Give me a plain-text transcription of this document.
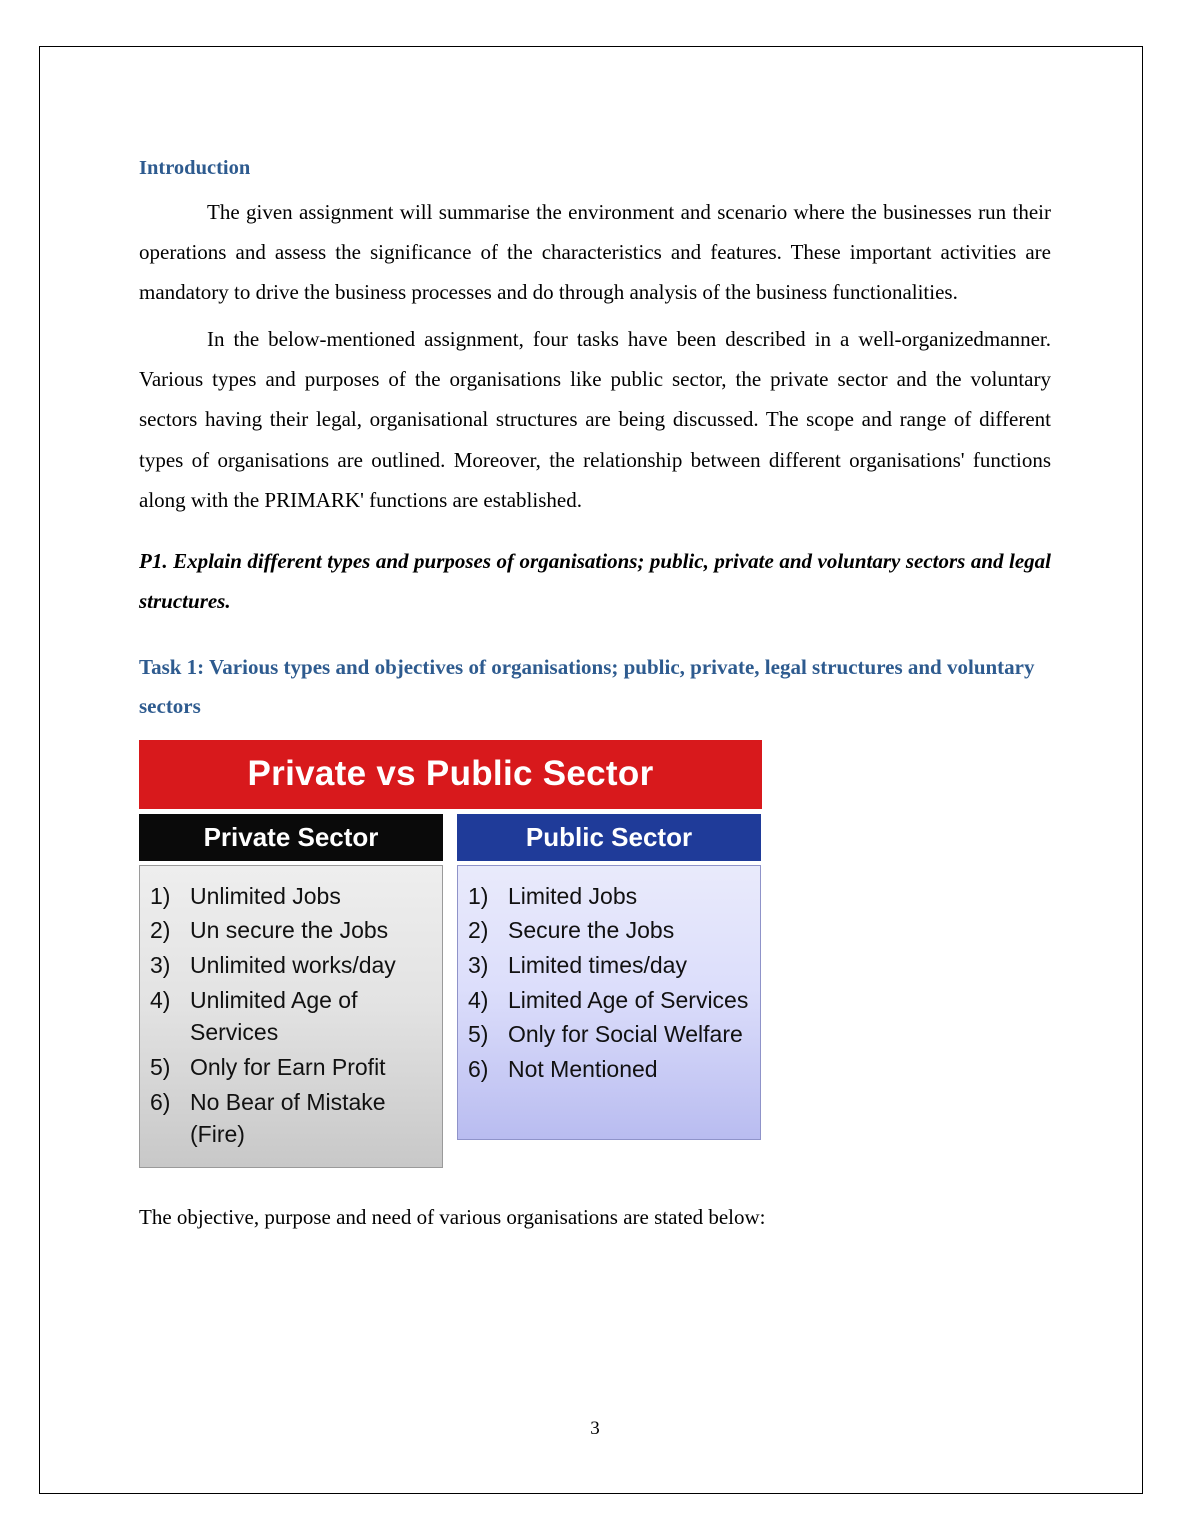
Introduction

The given assignment will summarise the environment and scenario where the businesses run their operations and assess the significance of the characteristics and features. These important activities are mandatory to drive the business processes and do through analysis of the business functionalities.

In the below-mentioned assignment, four tasks have been described in a well-organizedmanner. Various types and purposes of the organisations like public sector, the private sector and the voluntary sectors having their legal, organisational structures are being discussed. The scope and range of different types of organisations are outlined. Moreover, the relationship between different organisations' functions along with the PRIMARK' functions are established.

P1. Explain different types and purposes of organisations; public, private and voluntary sectors and legal structures.

Task 1: Various types and objectives of organisations; public, private, legal structures and voluntary sectors
Private vs Public Sector
Private Sector
1) Unlimited Jobs
2) Un secure the Jobs
3) Unlimited works/day
4) Unlimited Age of Services
5) Only for Earn Profit
6) No Bear of Mistake (Fire)
Public Sector
1) Limited Jobs
2) Secure the Jobs
3) Limited times/day
4) Limited Age of Services
5) Only for Social Welfare
6) Not Mentioned

The objective, purpose and need of various organisations are stated below:

3
